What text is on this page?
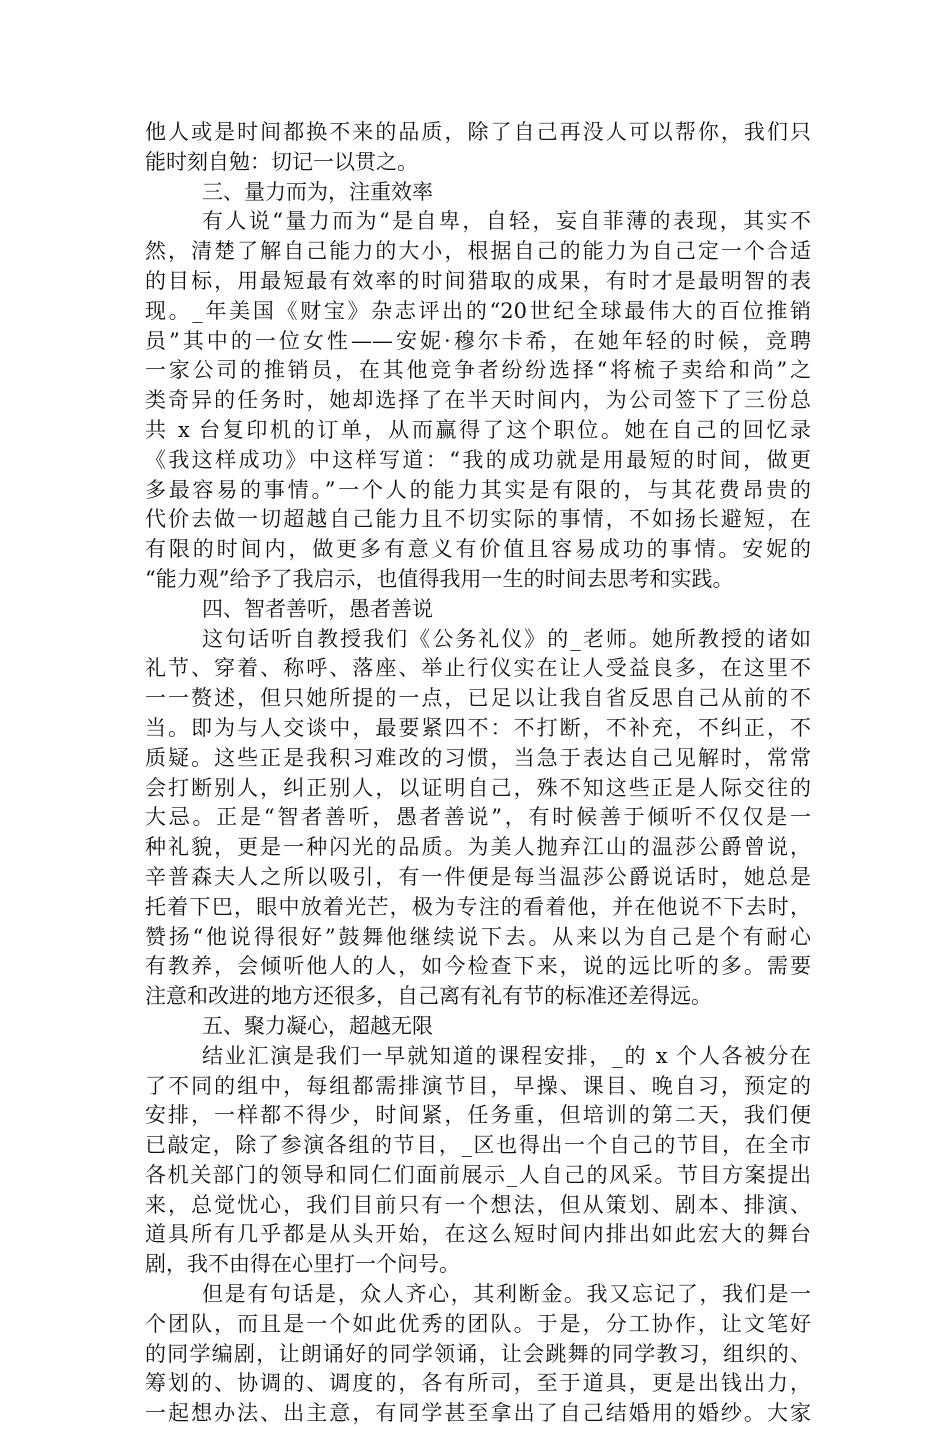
他人或是时间都换不来的品质，除了自己再没人可以帮你，我们只
能时刻自勉：切记一以贯之。
三、量力而为，注重效率
有人说“量力而为“是自卑，自轻，妄自菲薄的表现，其实不
然，清楚了解自己能力的大小，根据自己的能力为自己定一个合适
的目标，用最短最有效率的时间猎取的成果，有时才是最明智的表
现。_年美国《财宝》杂志评出的“20世纪全球最伟大的百位推销
员”其中的一位女性——安妮·穆尔卡希，在她年轻的时候，竞聘
一家公司的推销员，在其他竞争者纷纷选择“将梳子卖给和尚”之
类奇异的任务时，她却选择了在半天时间内，为公司签下了三份总
共 x 台复印机的订单，从而赢得了这个职位。她在自己的回忆录
《我这样成功》中这样写道：“我的成功就是用最短的时间，做更
多最容易的事情。”一个人的能力其实是有限的，与其花费昂贵的
代价去做一切超越自己能力且不切实际的事情，不如扬长避短，在
有限的时间内，做更多有意义有价值且容易成功的事情。安妮的
“能力观”给予了我启示，也值得我用一生的时间去思考和实践。
四、智者善听，愚者善说
这句话听自教授我们《公务礼仪》的_老师。她所教授的诸如
礼节、穿着、称呼、落座、举止行仪实在让人受益良多，在这里不
一一赘述，但只她所提的一点，已足以让我自省反思自己从前的不
当。即为与人交谈中，最要紧四不：不打断，不补充，不纠正，不
质疑。这些正是我积习难改的习惯，当急于表达自己见解时，常常
会打断别人，纠正别人，以证明自己，殊不知这些正是人际交往的
大忌。正是“智者善听，愚者善说”，有时候善于倾听不仅仅是一
种礼貌，更是一种闪光的品质。为美人抛弃江山的温莎公爵曾说，
辛普森夫人之所以吸引，有一件便是每当温莎公爵说话时，她总是
托着下巴，眼中放着光芒，极为专注的看着他，并在他说不下去时，
赞扬“他说得很好”鼓舞他继续说下去。从来以为自己是个有耐心
有教养，会倾听他人的人，如今检查下来，说的远比听的多。需要
注意和改进的地方还很多，自己离有礼有节的标准还差得远。
五、聚力凝心，超越无限
结业汇演是我们一早就知道的课程安排，_的 x 个人各被分在
了不同的组中，每组都需排演节目，早操、课目、晚自习，预定的
安排，一样都不得少，时间紧，任务重，但培训的第二天，我们便
已敲定，除了参演各组的节目，_区也得出一个自己的节目，在全市
各机关部门的领导和同仁们面前展示_人自己的风采。节目方案提出
来，总觉忧心，我们目前只有一个想法，但从策划、剧本、排演、
道具所有几乎都是从头开始，在这么短时间内排出如此宏大的舞台
剧，我不由得在心里打一个问号。
但是有句话是，众人齐心，其利断金。我又忘记了，我们是一
个团队，而且是一个如此优秀的团队。于是，分工协作，让文笔好
的同学编剧，让朗诵好的同学领诵，让会跳舞的同学教习，组织的、
筹划的、协调的、调度的，各有所司，至于道具，更是出钱出力，
一起想办法、出主意，有同学甚至拿出了自己结婚用的婚纱。大家
